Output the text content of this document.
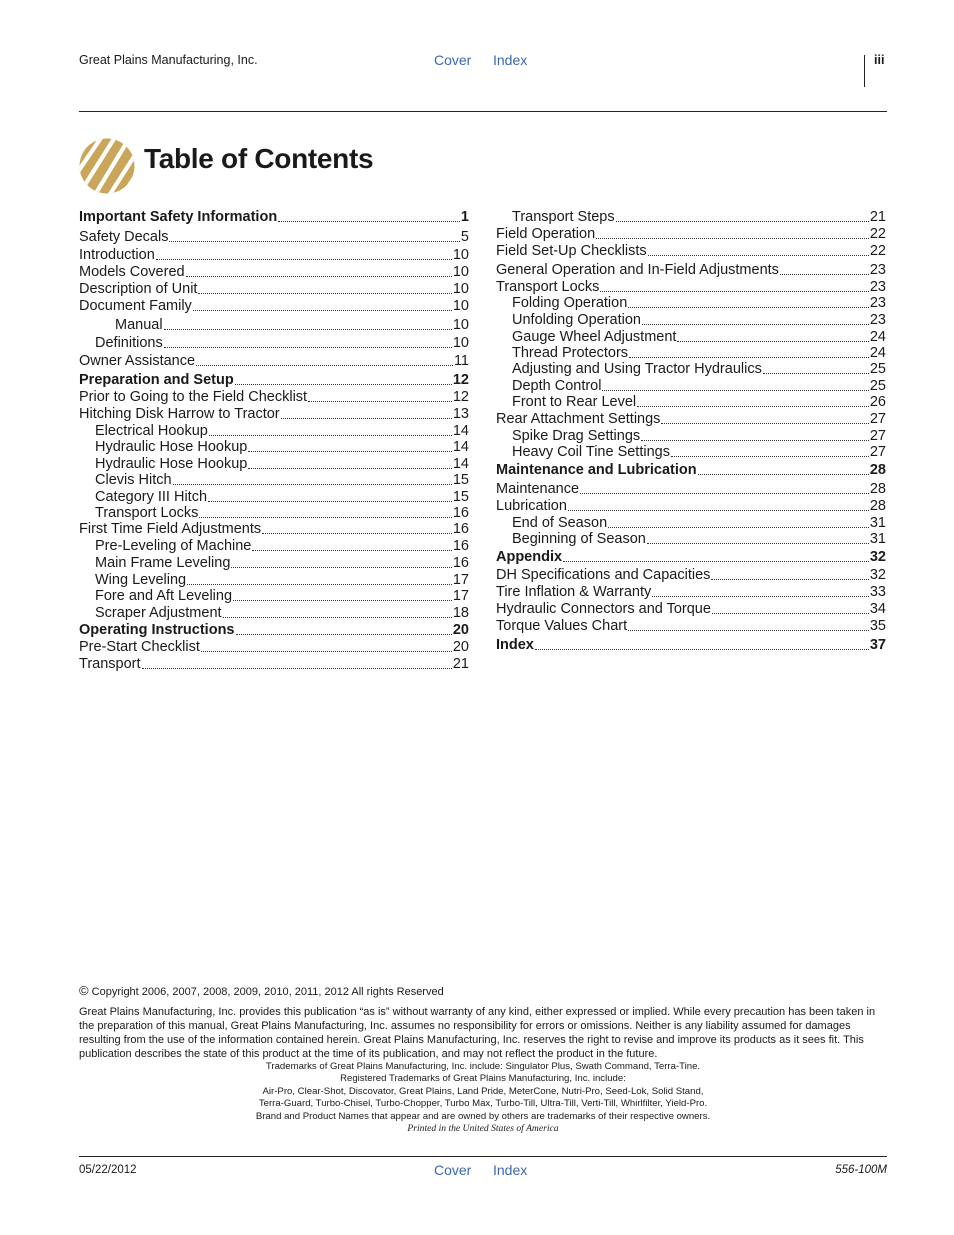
Great Plains Manufacturing, Inc.	Cover Index	iii
Table of Contents
Important Safety Information	1
Safety Decals	5
Introduction	10
Models Covered	10
Description of Unit	10
Document Family	10
Manual	10
Definitions	10
Owner Assistance	11
Preparation and Setup	12
Prior to Going to the Field Checklist	12
Hitching Disk Harrow to Tractor	13
Electrical Hookup	14
Hydraulic Hose Hookup	14
Hydraulic Hose Hookup	14
Clevis Hitch	15
Category III Hitch	15
Transport Locks	16
First Time Field Adjustments	16
Pre-Leveling of Machine	16
Main Frame Leveling	16
Wing Leveling	17
Fore and Aft Leveling	17
Scraper Adjustment	18
Operating Instructions	20
Pre-Start Checklist	20
Transport	21
Transport Steps	21
Field Operation	22
Field Set-Up Checklists	22
General Operation and In-Field Adjustments	23
Transport Locks	23
Folding Operation	23
Unfolding Operation	23
Gauge Wheel Adjustment	24
Thread Protectors	24
Adjusting and Using Tractor Hydraulics	25
Depth Control	25
Front to Rear Level	26
Rear Attachment Settings	27
Spike Drag Settings	27
Heavy Coil Tine Settings	27
Maintenance and Lubrication	28
Maintenance	28
Lubrication	28
End of Season	31
Beginning of Season	31
Appendix	32
DH Specifications and Capacities	32
Tire Inflation & Warranty	33
Hydraulic Connectors and Torque	34
Torque Values Chart	35
Index	37
© Copyright 2006, 2007, 2008, 2009, 2010, 2011, 2012 All rights Reserved
Great Plains Manufacturing, Inc. provides this publication “as is” without warranty of any kind, either expressed or implied. While every precaution has been taken in the preparation of this manual, Great Plains Manufacturing, Inc. assumes no responsibility for errors or omissions. Neither is any liability assumed for damages resulting from the use of the information contained herein. Great Plains Manufacturing, Inc. reserves the right to revise and improve its products as it sees fit. This publication describes the state of this product at the time of its publication, and may not reflect the product in the future.
Trademarks of Great Plains Manufacturing, Inc. include: Singulator Plus, Swath Command, Terra-Tine.
Registered Trademarks of Great Plains Manufacturing, Inc. include:
Air-Pro, Clear-Shot, Discovator, Great Plains, Land Pride, MeterCone, Nutri-Pro, Seed-Lok, Solid Stand,
Terra-Guard, Turbo-Chisel, Turbo-Chopper, Turbo Max, Turbo-Till, Ultra-Till, Verti-Till, Whirlfilter, Yield-Pro.
Brand and Product Names that appear and are owned by others are trademarks of their respective owners.
Printed in the United States of America
05/22/2012	Cover Index	556-100M
